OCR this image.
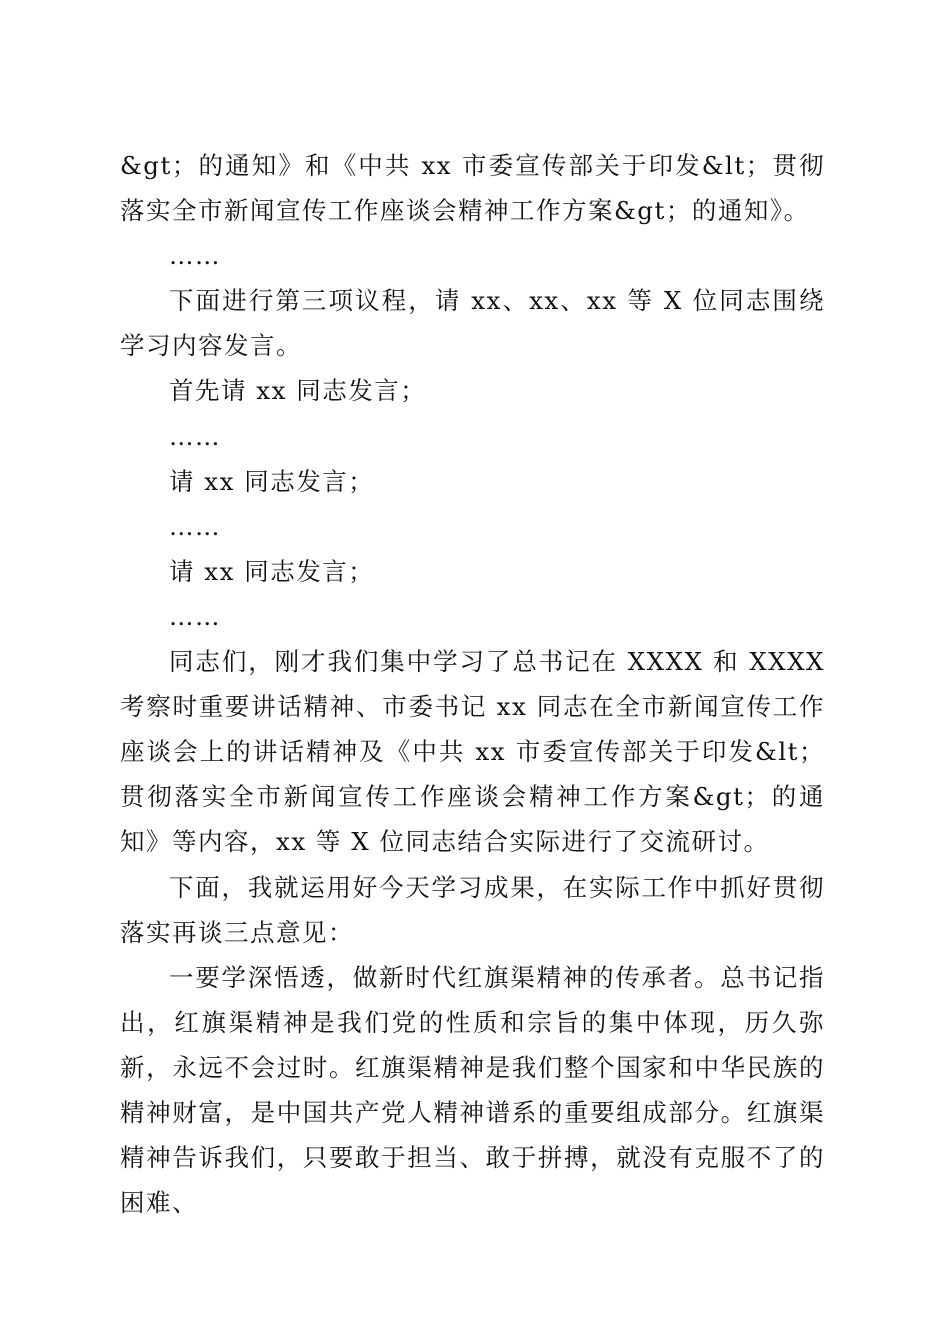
&gt；的通知》和《中共 xx 市委宣传部关于印发&lt；贯彻落实全市新闻宣传工作座谈会精神工作方案&gt；的通知》。

……

下面进行第三项议程，请 xx、xx、xx 等 X 位同志围绕学习内容发言。

首先请 xx 同志发言；

……

请 xx 同志发言；

……

请 xx 同志发言；

……

同志们，刚才我们集中学习了总书记在 XXXX 和 XXXX 考察时重要讲话精神、市委书记 xx 同志在全市新闻宣传工作座谈会上的讲话精神及《中共 xx 市委宣传部关于印发&lt；贯彻落实全市新闻宣传工作座谈会精神工作方案&gt；的通知》等内容，xx 等 X 位同志结合实际进行了交流研讨。

下面，我就运用好今天学习成果，在实际工作中抓好贯彻落实再谈三点意见：

一要学深悟透，做新时代红旗渠精神的传承者。总书记指出，红旗渠精神是我们党的性质和宗旨的集中体现，历久弥新，永远不会过时。红旗渠精神是我们整个国家和中华民族的精神财富，是中国共产党人精神谱系的重要组成部分。红旗渠精神告诉我们，只要敢于担当、敢于拼搏，就没有克服不了的困难、
